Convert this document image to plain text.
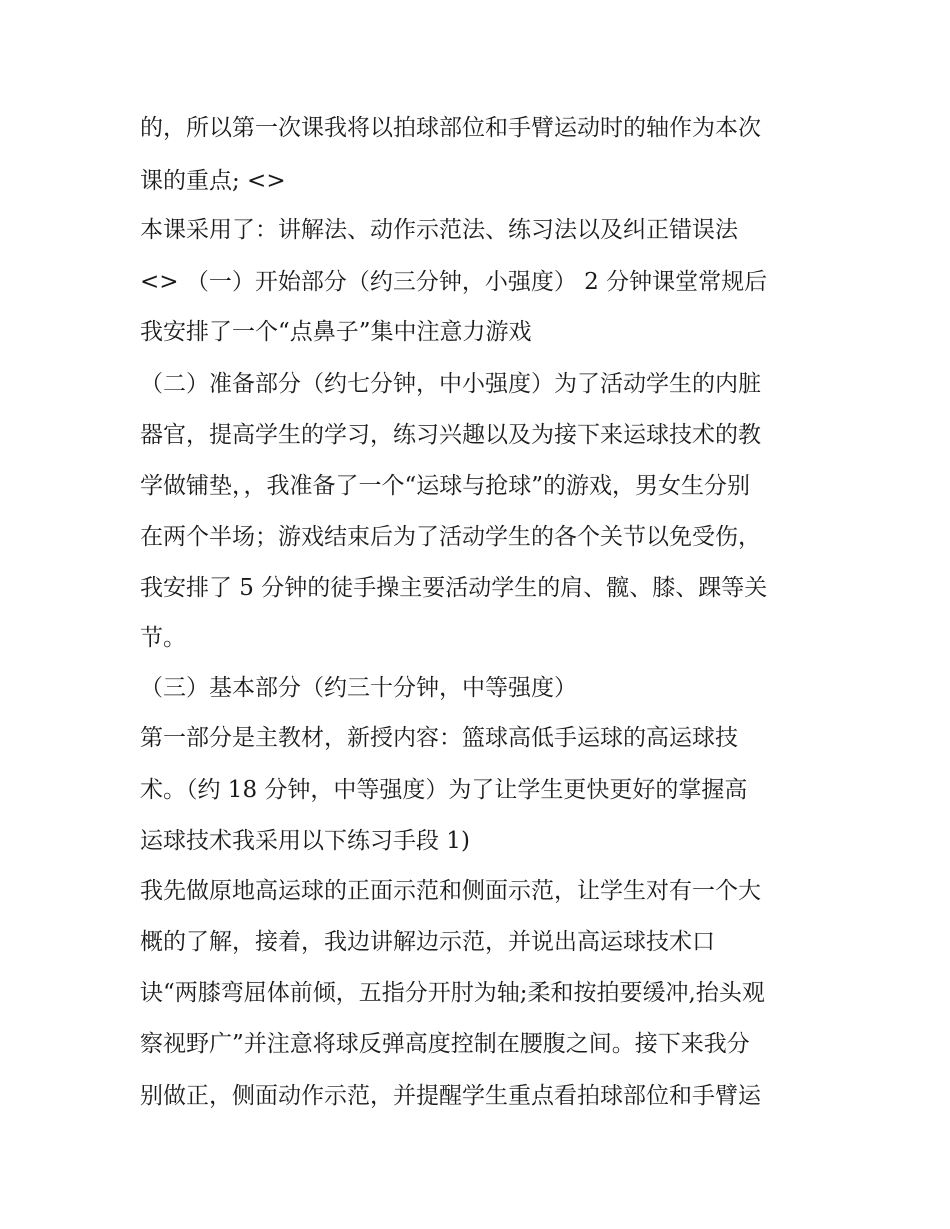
的，所以第一次课我将以拍球部位和手臂运动时的轴作为本次
课的重点; <>
本课采用了：讲解法、动作示范法、练习法以及纠正错误法
<> （一）开始部分（约三分钟，小强度） 2 分钟课堂常规后
我安排了一个“点鼻子”集中注意力游戏
（二）准备部分（约七分钟，中小强度）为了活动学生的内脏
器官，提高学生的学习，练习兴趣以及为接下来运球技术的教
学做铺垫，，我准备了一个“运球与抢球”的游戏，男女生分别
在两个半场；游戏结束后为了活动学生的各个关节以免受伤，
我安排了 5 分钟的徒手操主要活动学生的肩、髋、膝、踝等关
节。
（三）基本部分（约三十分钟，中等强度）
第一部分是主教材，新授内容：篮球高低手运球的高运球技
术。（约 18 分钟，中等强度）为了让学生更快更好的掌握高
运球技术我采用以下练习手段 1)
我先做原地高运球的正面示范和侧面示范，让学生对有一个大
概的了解，接着，我边讲解边示范，并说出高运球技术口
诀“两膝弯屈体前倾，五指分开肘为轴;柔和按拍要缓冲,抬头观
察视野广”并注意将球反弹高度控制在腰腹之间。接下来我分
别做正，侧面动作示范，并提醒学生重点看拍球部位和手臂运
